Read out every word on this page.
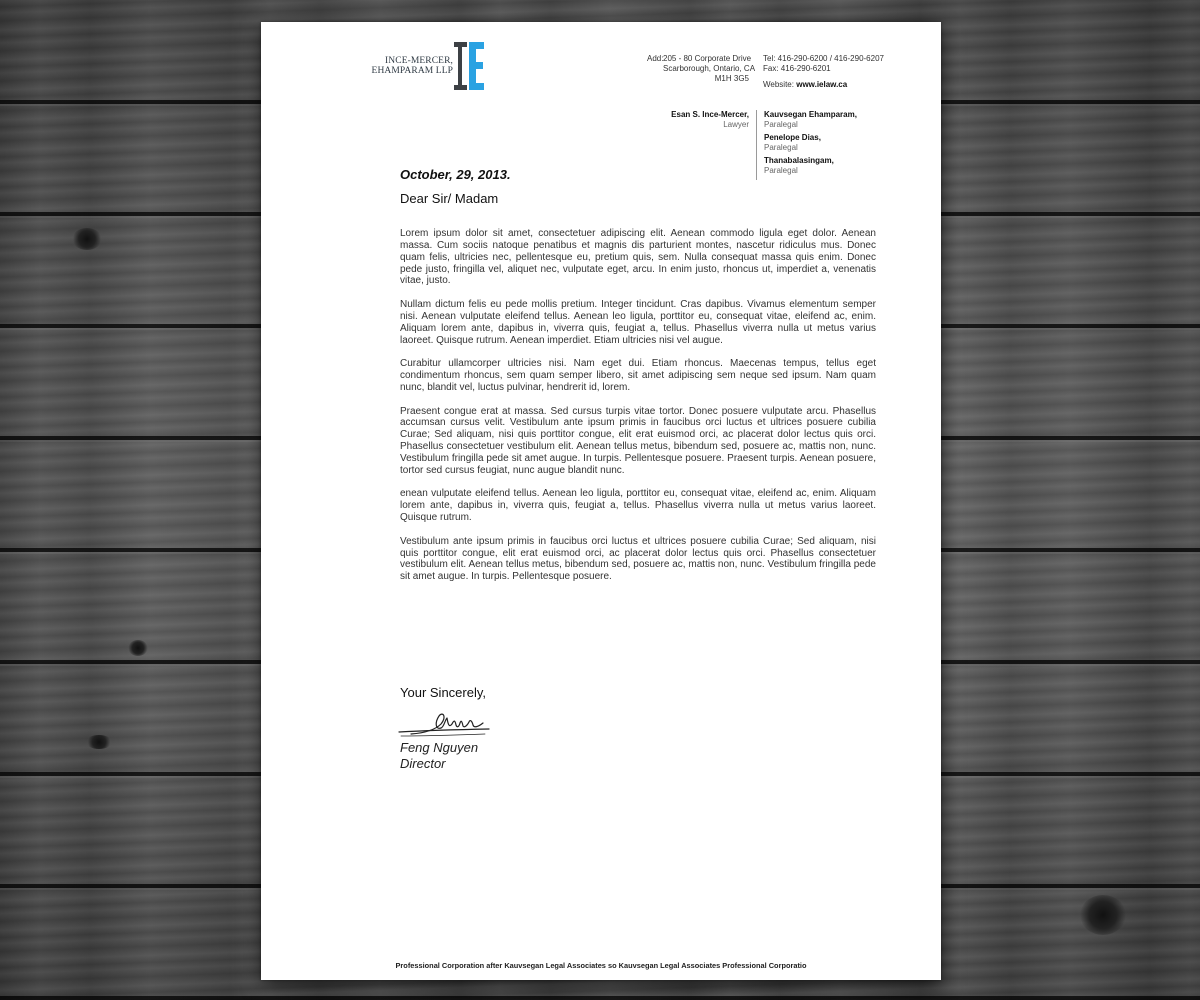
INCE-MERCER,
EHAMPARAM LLP
Add: 205 - 80 Corporate Drive
Scarborough, Ontario, CA
M1H 3G5
Tel: 416-290-6200 / 416-290-6207
Fax: 416-290-6201
Website: www.ielaw.ca
Esan S. Ince-Mercer,
Lawyer
Kauvsegan Ehamparam,
Paralegal
Penelope Dias,
Paralegal
Thanabalasingam,
Paralegal
October, 29, 2013.
Dear Sir/ Madam

Lorem ipsum dolor sit amet, consectetuer adipiscing elit. Aenean commodo ligula eget dolor. Aenean massa. Cum sociis natoque penatibus et magnis dis parturient montes, nascetur ridiculus mus. Donec quam felis, ultricies nec, pellentesque eu, pretium quis, sem. Nulla consequat massa quis enim. Donec pede justo, fringilla vel, aliquet nec, vulputate eget, arcu. In enim justo, rhoncus ut, imperdiet a, venenatis vitae, justo.

Nullam dictum felis eu pede mollis pretium. Integer tincidunt. Cras dapibus. Vivamus elementum semper nisi. Aenean vulputate eleifend tellus. Aenean leo ligula, porttitor eu, consequat vitae, eleifend ac, enim. Aliquam lorem ante, dapibus in, viverra quis, feugiat a, tellus. Phasellus viverra nulla ut metus varius laoreet. Quisque rutrum. Aenean imperdiet. Etiam ultricies nisi vel augue.

Curabitur ullamcorper ultricies nisi. Nam eget dui. Etiam rhoncus. Maecenas tempus, tellus eget condimentum rhoncus, sem quam semper libero, sit amet adipiscing sem neque sed ipsum. Nam quam nunc, blandit vel, luctus pulvinar, hendrerit id, lorem.

Praesent congue erat at massa. Sed cursus turpis vitae tortor. Donec posuere vulputate arcu. Phasellus accumsan cursus velit. Vestibulum ante ipsum primis in faucibus orci luctus et ultrices posuere cubilia Curae; Sed aliquam, nisi quis porttitor congue, elit erat euismod orci, ac placerat dolor lectus quis orci. Phasellus consectetuer vestibulum elit. Aenean tellus metus, bibendum sed, posuere ac, mattis non, nunc. Vestibulum fringilla pede sit amet augue. In turpis. Pellentesque posuere. Praesent turpis. Aenean posuere, tortor sed cursus feugiat, nunc augue blandit nunc.

enean vulputate eleifend tellus. Aenean leo ligula, porttitor eu, consequat vitae, eleifend ac, enim. Aliquam lorem ante, dapibus in, viverra quis, feugiat a, tellus. Phasellus viverra nulla ut metus varius laoreet. Quisque rutrum.

Vestibulum ante ipsum primis in faucibus orci luctus et ultrices posuere cubilia Curae; Sed aliquam, nisi quis porttitor congue, elit erat euismod orci, ac placerat dolor lectus quis orci. Phasellus consectetuer vestibulum elit. Aenean tellus metus, bibendum sed, posuere ac, mattis non, nunc. Vestibulum fringilla pede sit amet augue. In turpis. Pellentesque posuere.

Your Sincerely,
Feng Nguyen
Director
Professional Corporation after Kauvsegan Legal Associates so Kauvsegan Legal Associates Professional Corporatio
